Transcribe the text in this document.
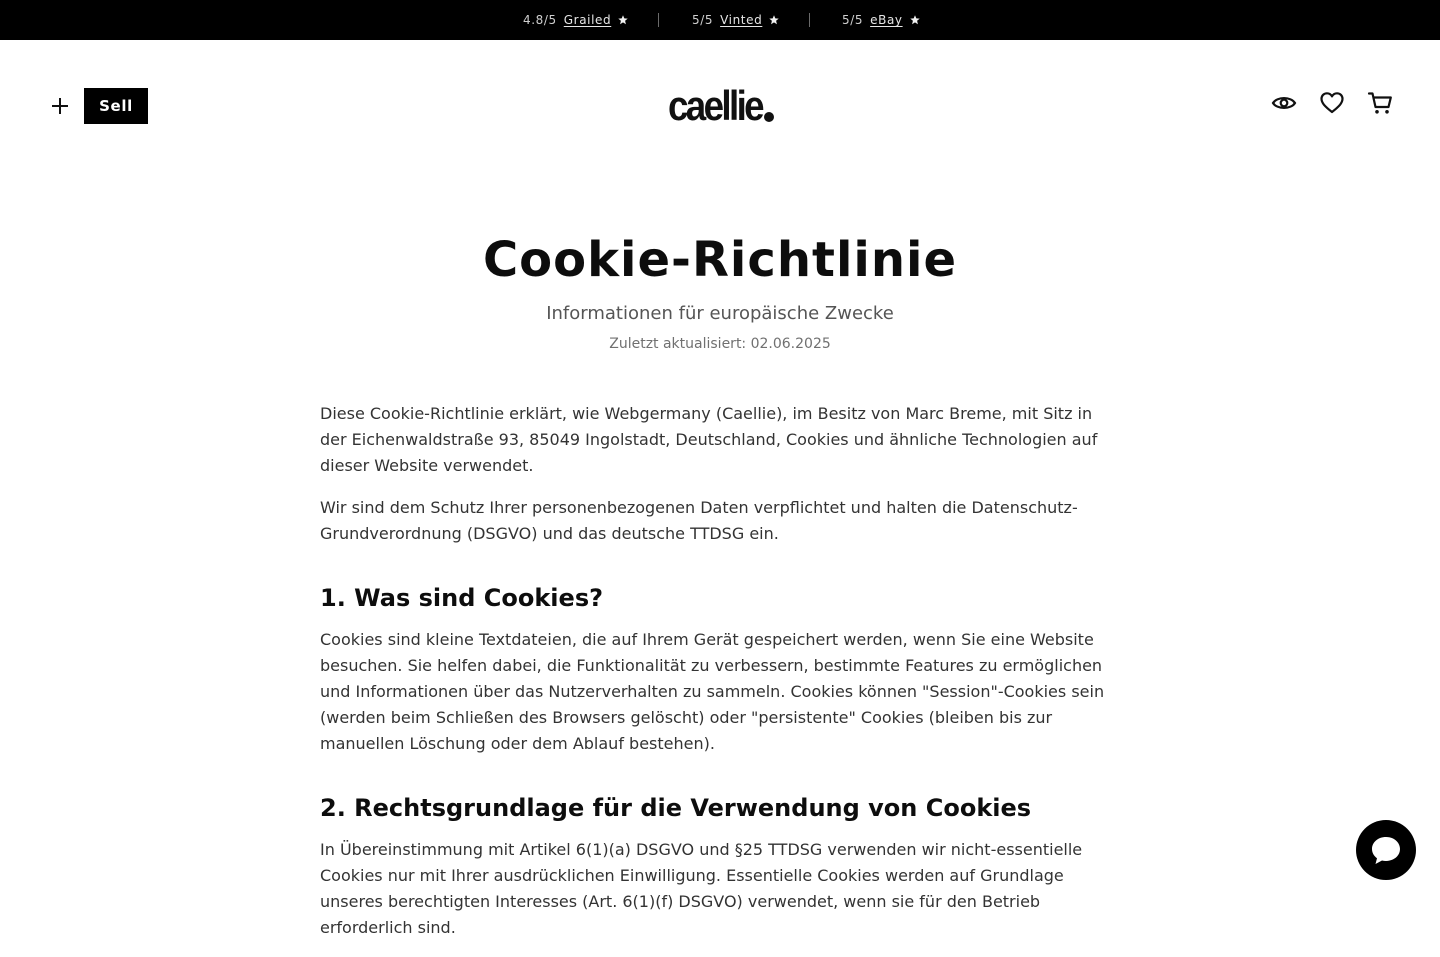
4.8/5 Grailed	5/5 Vinted	5/5 eBay
Sell	caellie
Cookie-Richtlinie

Informationen für europäische Zwecke

Zuletzt aktualisiert: 02.06.2025

Diese Cookie-Richtlinie erklärt, wie Webgermany (Caellie), im Besitz von Marc Breme, mit Sitz in der Eichenwaldstraße 93, 85049 Ingolstadt, Deutschland, Cookies und ähnliche Technologien auf dieser Website verwendet.

Wir sind dem Schutz Ihrer personenbezogenen Daten verpflichtet und halten die Datenschutz-Grundverordnung (DSGVO) und das deutsche TTDSG ein.

1. Was sind Cookies?

Cookies sind kleine Textdateien, die auf Ihrem Gerät gespeichert werden, wenn Sie eine Website besuchen. Sie helfen dabei, die Funktionalität zu verbessern, bestimmte Features zu ermöglichen und Informationen über das Nutzerverhalten zu sammeln. Cookies können "Session"-Cookies sein (werden beim Schließen des Browsers gelöscht) oder "persistente" Cookies (bleiben bis zur manuellen Löschung oder dem Ablauf bestehen).

2. Rechtsgrundlage für die Verwendung von Cookies

In Übereinstimmung mit Artikel 6(1)(a) DSGVO und §25 TTDSG verwenden wir nicht-essentielle Cookies nur mit Ihrer ausdrücklichen Einwilligung. Essentielle Cookies werden auf Grundlage unseres berechtigten Interesses (Art. 6(1)(f) DSGVO) verwendet, wenn sie für den Betrieb erforderlich sind.
